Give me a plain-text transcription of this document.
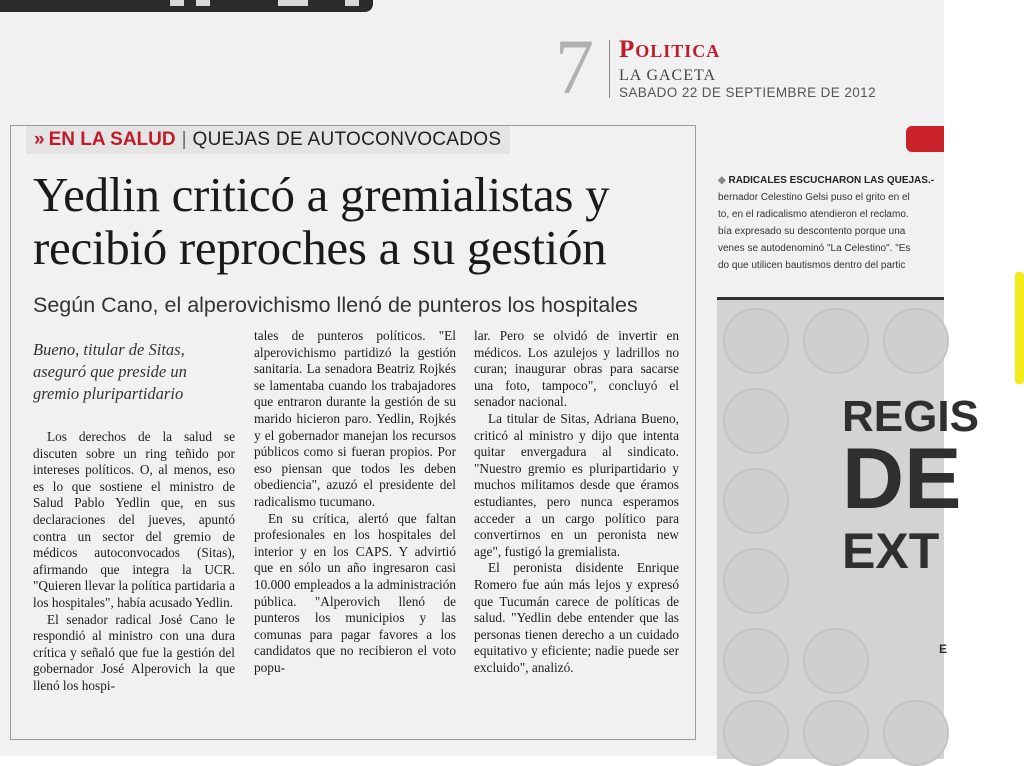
7 Politica
LA GACETA
SABADO 22 DE SEPTIEMBRE DE 2012
» EN LA SALUD | QUEJAS DE AUTOCONVOCADOS
Yedlin criticó a gremialistas y recibió reproches a su gestión
Según Cano, el alperovichismo llenó de punteros los hospitales
Bueno, titular de Sitas, aseguró que preside un gremio pluripartidario

Los derechos de la salud se discuten sobre un ring teñido por intereses políticos. O, al menos, eso es lo que sostiene el ministro de Salud Pablo Yedlin que, en sus declaraciones del jueves, apuntó contra un sector del gremio de médicos autoconvocados (Sitas), afirmando que integra la UCR. "Quieren llevar la política partidaria a los hospitales", había acusado Yedlin.

El senador radical José Cano le respondió al ministro con una dura crítica y señaló que fue la gestión del gobernador José Alperovich la que llenó los hospi-

tales de punteros políticos. "El alperovichismo partidizó la gestión sanitaria. La senadora Beatriz Rojkés se lamentaba cuando los trabajadores que entraron durante la gestión de su marido hicieron paro. Yedlin, Rojkés y el gobernador manejan los recursos públicos como si fueran propios. Por eso piensan que todos les deben obediencia", azuzó el presidente del radicalismo tucumano.

En su crítica, alertó que faltan profesionales en los hospitales del interior y en los CAPS. Y advirtió que en sólo un año ingresaron casi 10.000 empleados a la administración pública. "Alperovich llenó de punteros los municipios y las comunas para pagar favores a los candidatos que no recibieron el voto popu-

lar. Pero se olvidó de invertir en médicos. Los azulejos y ladrillos no curan; inaugurar obras para sacarse una foto, tampoco", concluyó el senador nacional.

La titular de Sitas, Adriana Bueno, criticó al ministro y dijo que intenta quitar envergadura al sindicato. "Nuestro gremio es pluripartidario y muchos militamos desde que éramos estudiantes, pero nunca esperamos acceder a un cargo político para convertirnos en un peronista new age", fustigó la gremialista.

El peronista disidente Enrique Romero fue aún más lejos y expresó que Tucumán carece de políticas de salud. "Yedlin debe entender que las personas tienen derecho a un cuidado equitativo y eficiente; nadie puede ser excluido", analizó.

◆ RADICALES ESCUCHARON LAS QUEJAS.-
bernador Celestino Gelsi puso el grito en el
to, en el radicalismo atendieron el reclamo.
bía expresado su descontento porque una
venes se autodenominó "La Celestino". "Es
do que utilicen bautismos dentro del partic
REGIS
DE
EXT
E
